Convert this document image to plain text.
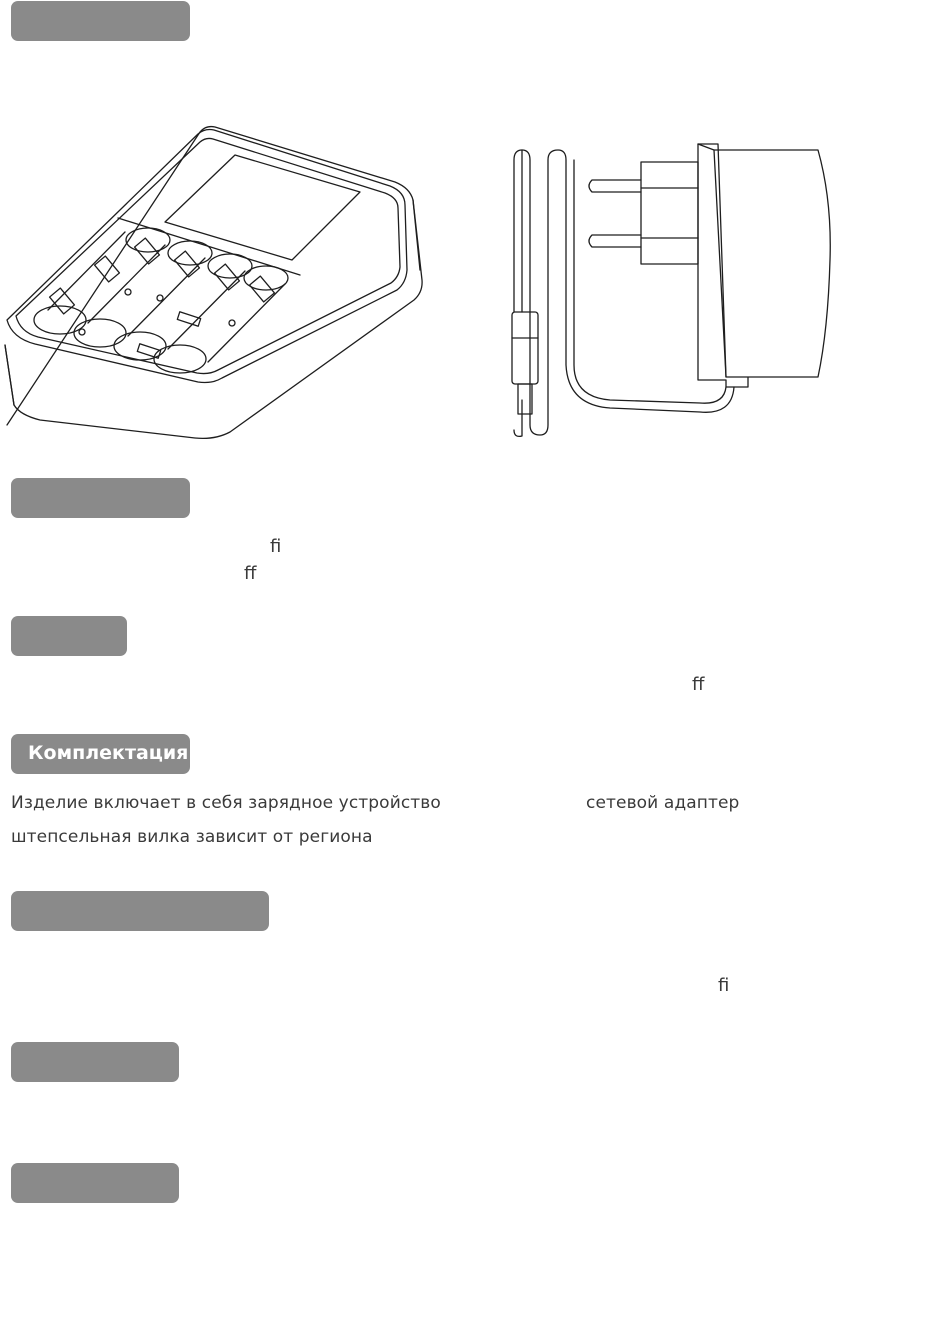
ﬁ
ﬀ
ﬀ
Комплектация
Изделие включает в себя зарядное устройство	сетевой адаптер
штепсельная вилка зависит от региона
ﬁ
